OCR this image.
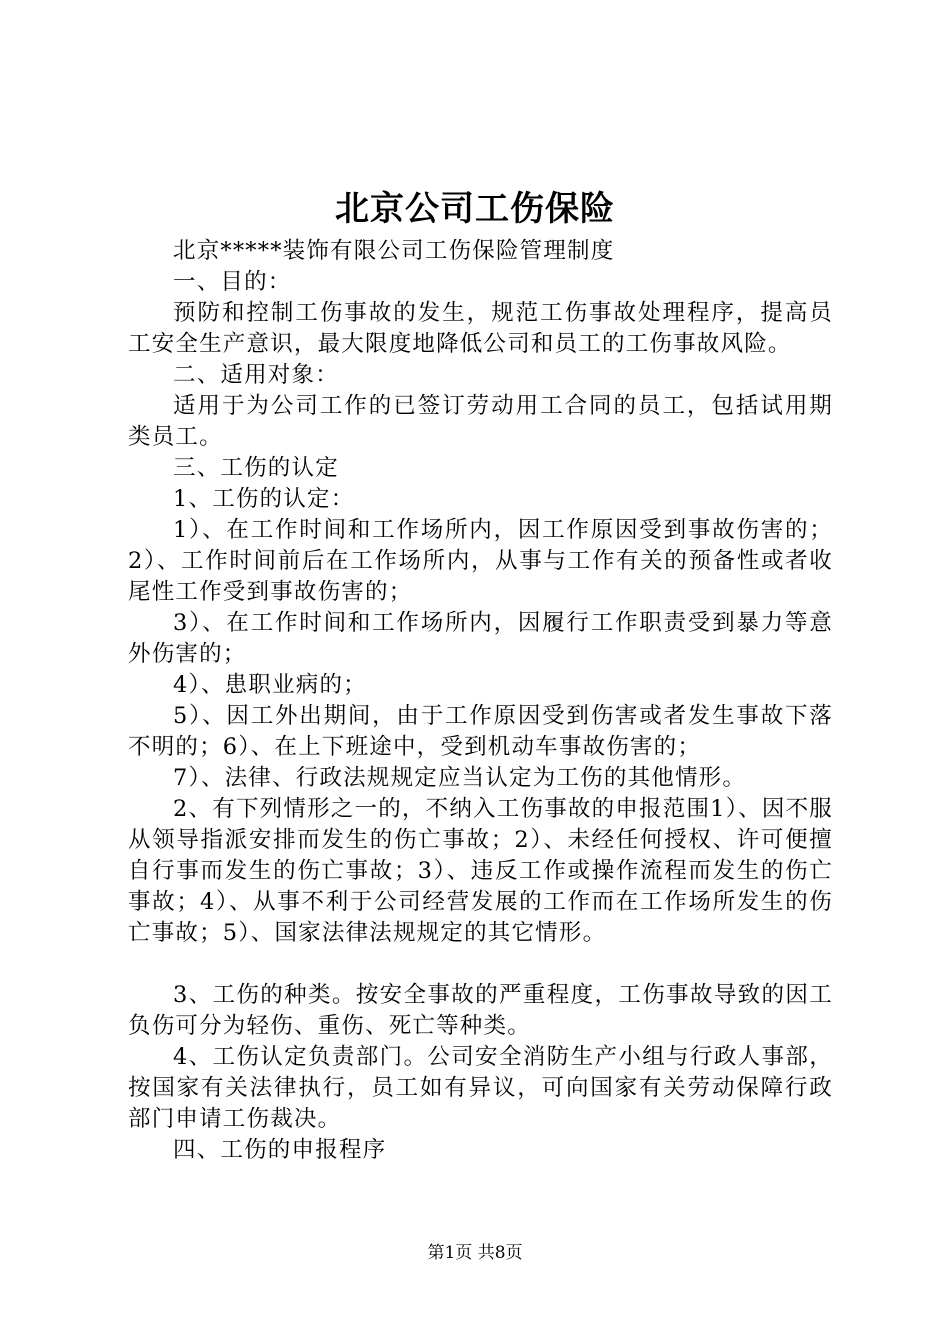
北京公司工伤保险

北京*****装饰有限公司工伤保险管理制度

一、目的：

预防和控制工伤事故的发生，规范工伤事故处理程序，提高员工安全生产意识，最大限度地降低公司和员工的工伤事故风险。

二、适用对象：

适用于为公司工作的已签订劳动用工合同的员工，包括试用期类员工。

三、工伤的认定

1、工伤的认定：

1）、在工作时间和工作场所内，因工作原因受到事故伤害的；2）、工作时间前后在工作场所内，从事与工作有关的预备性或者收尾性工作受到事故伤害的；

3）、在工作时间和工作场所内，因履行工作职责受到暴力等意外伤害的；

4）、患职业病的；

5）、因工外出期间，由于工作原因受到伤害或者发生事故下落不明的；6）、在上下班途中，受到机动车事故伤害的；

7）、法律、行政法规规定应当认定为工伤的其他情形。

2、有下列情形之一的，不纳入工伤事故的申报范围1）、因不服从领导指派安排而发生的伤亡事故；2）、未经任何授权、许可便擅自行事而发生的伤亡事故；3）、违反工作或操作流程而发生的伤亡事故；4）、从事不利于公司经营发展的工作而在工作场所发生的伤亡事故；5）、国家法律法规规定的其它情形。

3、工伤的种类。按安全事故的严重程度，工伤事故导致的因工负伤可分为轻伤、重伤、死亡等种类。

4、工伤认定负责部门。公司安全消防生产小组与行政人事部，按国家有关法律执行，员工如有异议，可向国家有关劳动保障行政部门申请工伤裁决。

四、工伤的申报程序

第1页 共8页
